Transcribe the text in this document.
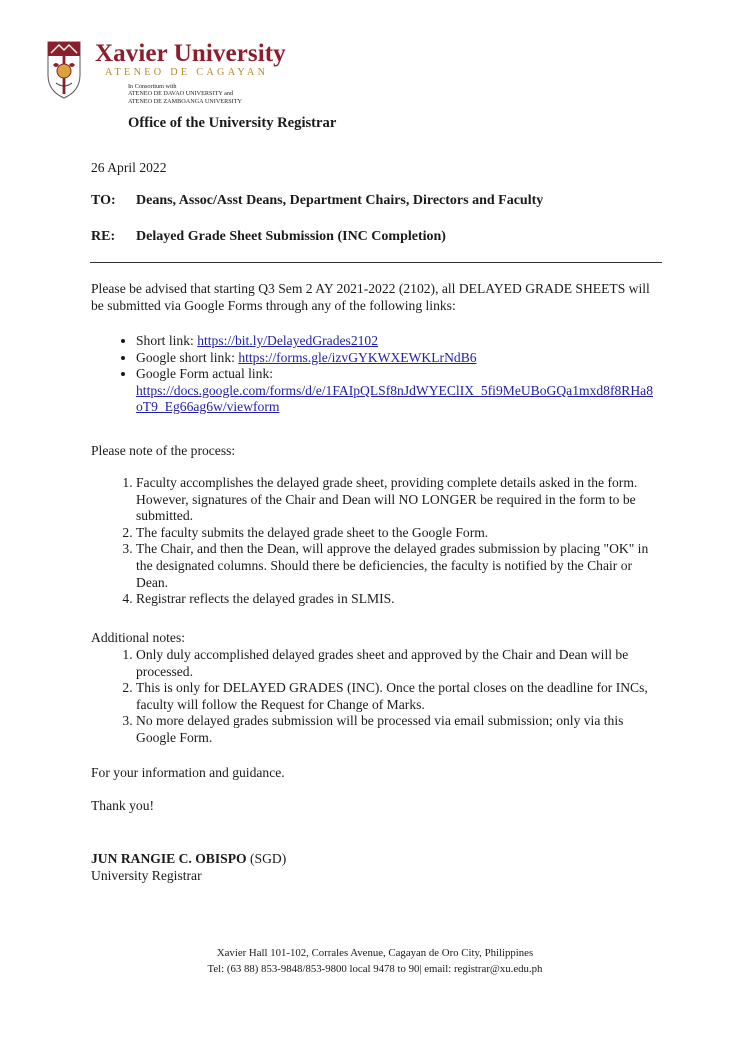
Xavier University
ATENEO DE CAGAYAN
In Consortium with
ATENEO DE DAVAO UNIVERSITY and
ATENEO DE ZAMBOANGA UNIVERSITY
Office of the University Registrar
26 April 2022
TO: Deans, Assoc/Asst Deans, Department Chairs, Directors and Faculty
RE: Delayed Grade Sheet Submission (INC Completion)
Please be advised that starting Q3 Sem 2 AY 2021-2022 (2102), all DELAYED GRADE SHEETS will be submitted via Google Forms through any of the following links:
• Short link: https://bit.ly/DelayedGrades2102
• Google short link: https://forms.gle/izvGYKWXEWKLrNdB6
• Google Form actual link:
https://docs.google.com/forms/d/e/1FAIpQLSf8nJdWYEClIX_5fi9MeUBoGQa1mxd8f8RHa8oT9_Eg66ag6w/viewform
Please note of the process:
1. Faculty accomplishes the delayed grade sheet, providing complete details asked in the form. However, signatures of the Chair and Dean will NO LONGER be required in the form to be submitted.
2. The faculty submits the delayed grade sheet to the Google Form.
3. The Chair, and then the Dean, will approve the delayed grades submission by placing "OK" in the designated columns. Should there be deficiencies, the faculty is notified by the Chair or Dean.
4. Registrar reflects the delayed grades in SLMIS.
Additional notes:
1. Only duly accomplished delayed grades sheet and approved by the Chair and Dean will be processed.
2. This is only for DELAYED GRADES (INC). Once the portal closes on the deadline for INCs, faculty will follow the Request for Change of Marks.
3. No more delayed grades submission will be processed via email submission; only via this Google Form.
For your information and guidance.
Thank you!
JUN RANGIE C. OBISPO (SGD)
University Registrar
Xavier Hall 101-102, Corrales Avenue, Cagayan de Oro City, Philippines
Tel: (63 88) 853-9848/853-9800 local 9478 to 90| email: registrar@xu.edu.ph
